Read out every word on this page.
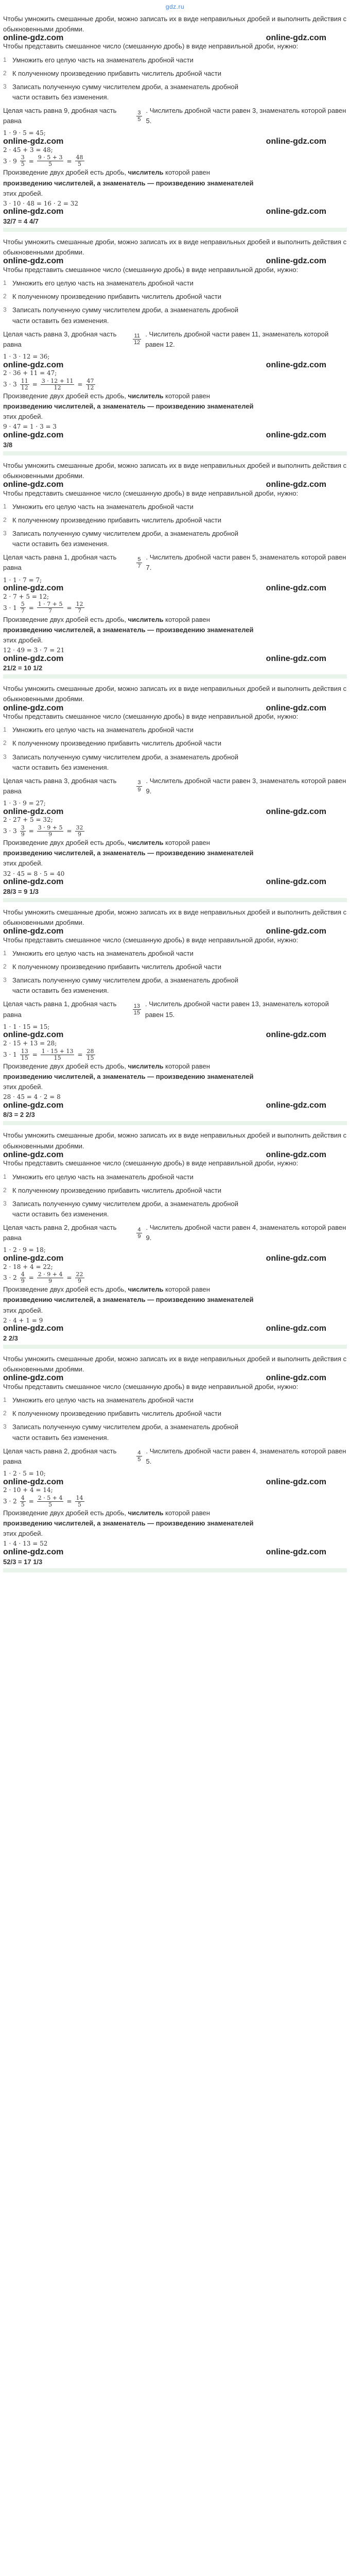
gdz.ru

Чтобы умножить смешанные дроби, можно записать их в виде неправильных дробей и выполнить действия с обыкновенными дробями.

online-gdz.com	online-gdz.com

Чтобы представить смешанное число (смешанную дробь) в виде неправильной дроби, нужно:

1 Умножить его целую часть на знаменатель дробной части
2 К полученному произведению прибавить числитель дробной части
3 Записать полученную сумму числителем дроби, а знаменатель дробной
части оставить без изменения.
Целая часть равна 9, дробная часть равна	$\frac{3}{5}$ . Числитель дробной части равен 3, знаменатель которой равен 5.
1 · 9 · 5 = 45;
online-gdz.com	online-gdz.com
2 · 45 + 3 = 48;
$3 \cdot 9 \frac{3}{5} = \frac{9 \cdot 5 + 3}{5} = \frac{48}{5}$

Произведение двух дробей есть дробь, числитель которой равен

произведению числителей, а знаменатель — произведению знаменателей

этих дробей.

3 · 10 · 48 = 16 · 2 = 32
online-gdz.com	online-gdz.com
32/7 = 4 4/7

Чтобы умножить смешанные дроби, можно записать их в виде неправильных дробей и выполнить действия с обыкновенными дробями.

online-gdz.com	online-gdz.com

Чтобы представить смешанное число (смешанную дробь) в виде неправильной дроби, нужно:

1 Умножить его целую часть на знаменатель дробной части
2 К полученному произведению прибавить числитель дробной части
3 Записать полученную сумму числителем дроби, а знаменатель дробной
части оставить без изменения.
Целая часть равна 3, дробная часть равна	$\frac{11}{12}$ . Числитель дробной части равен 11, знаменатель которой равен 12.
1 · 3 · 12 = 36;
online-gdz.com	online-gdz.com
2 · 36 + 11 = 47;
$3 \cdot 3 \frac{11}{12} = \frac{3 \cdot 12 + 11}{12} = \frac{47}{12}$

Произведение двух дробей есть дробь, числитель которой равен

произведению числителей, а знаменатель — произведению знаменателей

этих дробей.

9 · 47 = 1 · 3 = 3
online-gdz.com	online-gdz.com
3/8

Чтобы умножить смешанные дроби, можно записать их в виде неправильных дробей и выполнить действия с обыкновенными дробями.

online-gdz.com	online-gdz.com

Чтобы представить смешанное число (смешанную дробь) в виде неправильной дроби, нужно:

1 Умножить его целую часть на знаменатель дробной части
2 К полученному произведению прибавить числитель дробной части
3 Записать полученную сумму числителем дроби, а знаменатель дробной
части оставить без изменения.
Целая часть равна 1, дробная часть равна	$\frac{5}{7}$ . Числитель дробной части равен 5, знаменатель которой равен 7.
1 · 1 · 7 = 7;
online-gdz.com	online-gdz.com
2 · 7 + 5 = 12;
$3 \cdot 1 \frac{5}{7} = \frac{1 \cdot 7 + 5}{7} = \frac{12}{7}$

Произведение двух дробей есть дробь, числитель которой равен

произведению числителей, а знаменатель — произведению знаменателей

этих дробей.

12 · 49 = 3 · 7 = 21
online-gdz.com	online-gdz.com
21/2 = 10 1/2

Чтобы умножить смешанные дроби, можно записать их в виде неправильных дробей и выполнить действия с обыкновенными дробями.

online-gdz.com	online-gdz.com

Чтобы представить смешанное число (смешанную дробь) в виде неправильной дроби, нужно:

1 Умножить его целую часть на знаменатель дробной части
2 К полученному произведению прибавить числитель дробной части
3 Записать полученную сумму числителем дроби, а знаменатель дробной
части оставить без изменения.
Целая часть равна 3, дробная часть равна	$\frac{3}{9}$ . Числитель дробной части равен 3, знаменатель которой равен 9.
1 · 3 · 9 = 27;
online-gdz.com	online-gdz.com
2 · 27 + 5 = 32;
$3 \cdot 3 \frac{3}{9} = \frac{3 \cdot 9 + 5}{9} = \frac{32}{9}$

Произведение двух дробей есть дробь, числитель которой равен

произведению числителей, а знаменатель — произведению знаменателей

этих дробей.

32 · 45 = 8 · 5 = 40
online-gdz.com	online-gdz.com
28/3 = 9 1/3

Чтобы умножить смешанные дроби, можно записать их в виде неправильных дробей и выполнить действия с обыкновенными дробями.

online-gdz.com	online-gdz.com

Чтобы представить смешанное число (смешанную дробь) в виде неправильной дроби, нужно:

1 Умножить его целую часть на знаменатель дробной части
2 К полученному произведению прибавить числитель дробной части
3 Записать полученную сумму числителем дроби, а знаменатель дробной
части оставить без изменения.
Целая часть равна 1, дробная часть равна	$\frac{13}{15}$ . Числитель дробной части равен 13, знаменатель которой равен 15.
1 · 1 · 15 = 15;
online-gdz.com	online-gdz.com
2 · 15 + 13 = 28;
$3 \cdot 1 \frac{13}{15} = \frac{1 \cdot 15 + 13}{15} = \frac{28}{15}$

Произведение двух дробей есть дробь, числитель которой равен

произведению числителей, а знаменатель — произведению знаменателей

этих дробей.

28 · 45 = 4 · 2 = 8
online-gdz.com	online-gdz.com
8/3 = 2 2/3

Чтобы умножить смешанные дроби, можно записать их в виде неправильных дробей и выполнить действия с обыкновенными дробями.

online-gdz.com	online-gdz.com

Чтобы представить смешанное число (смешанную дробь) в виде неправильной дроби, нужно:

1 Умножить его целую часть на знаменатель дробной части
2 К полученному произведению прибавить числитель дробной части
3 Записать полученную сумму числителем дроби, а знаменатель дробной
части оставить без изменения.
Целая часть равна 2, дробная часть равна	$\frac{4}{9}$ . Числитель дробной части равен 4, знаменатель которой равен 9.
1 · 2 · 9 = 18;
online-gdz.com	online-gdz.com
2 · 18 + 4 = 22;
$3 \cdot 2 \frac{4}{9} = \frac{2 \cdot 9 + 4}{9} = \frac{22}{9}$

Произведение двух дробей есть дробь, числитель которой равен

произведению числителей, а знаменатель — произведению знаменателей

этих дробей.

2 · 4 + 1 = 9
online-gdz.com	online-gdz.com
2 2/3

Чтобы умножить смешанные дроби, можно записать их в виде неправильных дробей и выполнить действия с обыкновенными дробями.

online-gdz.com	online-gdz.com

Чтобы представить смешанное число (смешанную дробь) в виде неправильной дроби, нужно:

1 Умножить его целую часть на знаменатель дробной части
2 К полученному произведению прибавить числитель дробной части
3 Записать полученную сумму числителем дроби, а знаменатель дробной
части оставить без изменения.
Целая часть равна 2, дробная часть равна	$\frac{4}{5}$ . Числитель дробной части равен 4, знаменатель которой равен 5.
1 · 2 · 5 = 10;
online-gdz.com	online-gdz.com
2 · 10 + 4 = 14;
$3 \cdot 2 \frac{4}{5} = \frac{2 \cdot 5 + 4}{5} = \frac{14}{5}$

Произведение двух дробей есть дробь, числитель которой равен

произведению числителей, а знаменатель — произведению знаменателей

этих дробей.

1 · 4 · 13 = 52
online-gdz.com	online-gdz.com
52/3 = 17 1/3
